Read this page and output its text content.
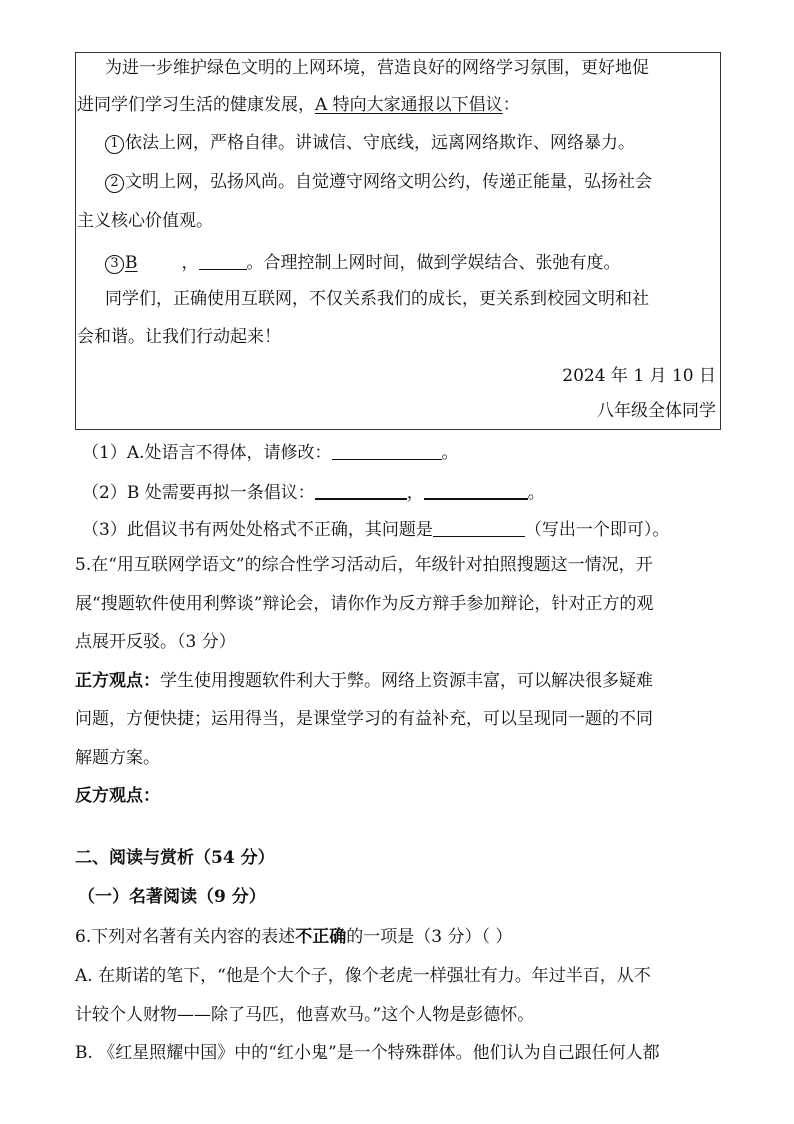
为进一步维护绿色文明的上网环境，营造良好的网络学习氛围，更好地促
进同学们学习生活的健康发展，A 特向大家通报以下倡议：
1 依法上网，严格自律。讲诚信、守底线，远离网络欺诈、网络暴力。
2 文明上网，弘扬风尚。自觉遵守网络文明公约，传递正能量，弘扬社会
主义核心价值观。
3 B	，	。合理控制上网时间，做到学娱结合、张弛有度。
同学们，正确使用互联网，不仅关系我们的成长，更关系到校园文明和社
会和谐。让我们行动起来！
2024 年 1 月 10 日
八年级全体同学
（1）A.处语言不得体，请修改：	。
（2）B 处需要再拟一条倡议：	，	。
（3）此倡议书有两处处格式不正确，其问题是	（写出一个即可）。
5.在“用互联网学语文”的综合性学习活动后，年级针对拍照搜题这一情况，开
展“搜题软件使用利弊谈”辩论会，请你作为反方辩手参加辩论，针对正方的观
点展开反驳。（3 分）
正方观点：学生使用搜题软件利大于弊。网络上资源丰富，可以解决很多疑难
问题，方便快捷；运用得当，是课堂学习的有益补充，可以呈现同一题的不同
解题方案。
反方观点：
二、阅读与赏析（54 分）
（一）名著阅读（9 分）
6.下列对名著有关内容的表述不正确的一项是（3 分）（ ）
A. 在斯诺的笔下，“他是个大个子，像个老虎一样强壮有力。年过半百，从不
计较个人财物——除了马匹，他喜欢马。”这个人物是彭德怀。
B. 《红星照耀中国》中的“红小鬼”是一个特殊群体。他们认为自己跟任何人都
